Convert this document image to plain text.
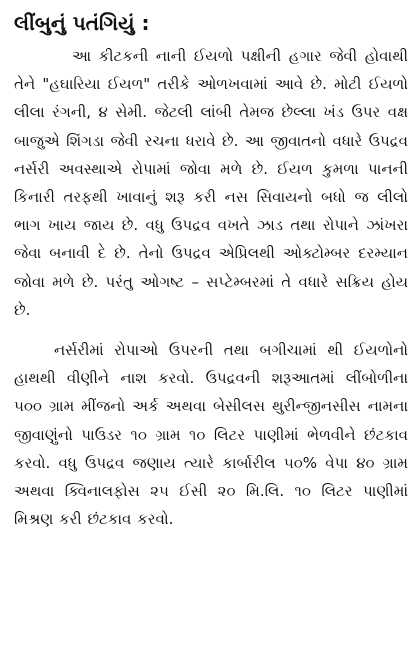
લીંબુનું પતંગિયું :

આ કીટકની નાની ઈયળો પક્ષીની હગાર જેવી હોવાથી તેને "હઘારિયા ઈયળ" તરીકે ઓળખવામાં આવે છે. મોટી ઈયળો લીલા રંગની, ૪ સેમી. જેટલી લાંબી તેમજ છેલ્લા ખંડ ઉપર વક્ષ બાજુએ શિંગડા જેવી રચના ધરાવે છે. આ જીવાતનો વધારે ઉપદ્રવ નર્સરી અવસ્થાએ રોપામાં જોવા મળે છે. ઈયળ કુમળા પાનની કિનારી તરફથી ખાવાનું શરૂ કરી નસ સિવાયનો બધો જ લીલો ભાગ ખાય જાય છે. વધુ ઉપદ્રવ વખતે ઝાડ તથા રોપાને ઝાંખરા જેવા બનાવી દે છે. તેનો ઉપદ્રવ એપ્રિલથી ઓક્ટોમ્બર દરમ્યાન જોવા મળે છે. પરંતુ ઓગષ્ટ – સપ્ટેમ્બરમાં તે વધારે સક્રિય હોય છે.

નર્સરીમાં રોપાઓ ઉપરની તથા બગીચામાં થી ઈયળોનો હાથથી વીણીને નાશ કરવો. ઉપદ્રવની શરૂઆતમાં લીંબોળીના ૫૦૦ ગ્રામ મીંજનો અર્ક અથવા બેસીલસ થુરીન્જીનસીસ નામના જીવાણુંનો પાઉડર ૧૦ ગ્રામ ૧૦ લિટર પાણીમાં ભેળવીને છંટકાવ કરવો. વધુ ઉપદ્રવ જણાય ત્યારે કાર્બારીલ ૫૦% વેપા ૪૦ ગ્રામ અથવા ક્વિનાલફોસ ૨૫ ઈસી ૨૦ મિ.લિ. ૧૦ લિટર પાણીમાં મિશ્રણ કરી છંટકાવ કરવો.
